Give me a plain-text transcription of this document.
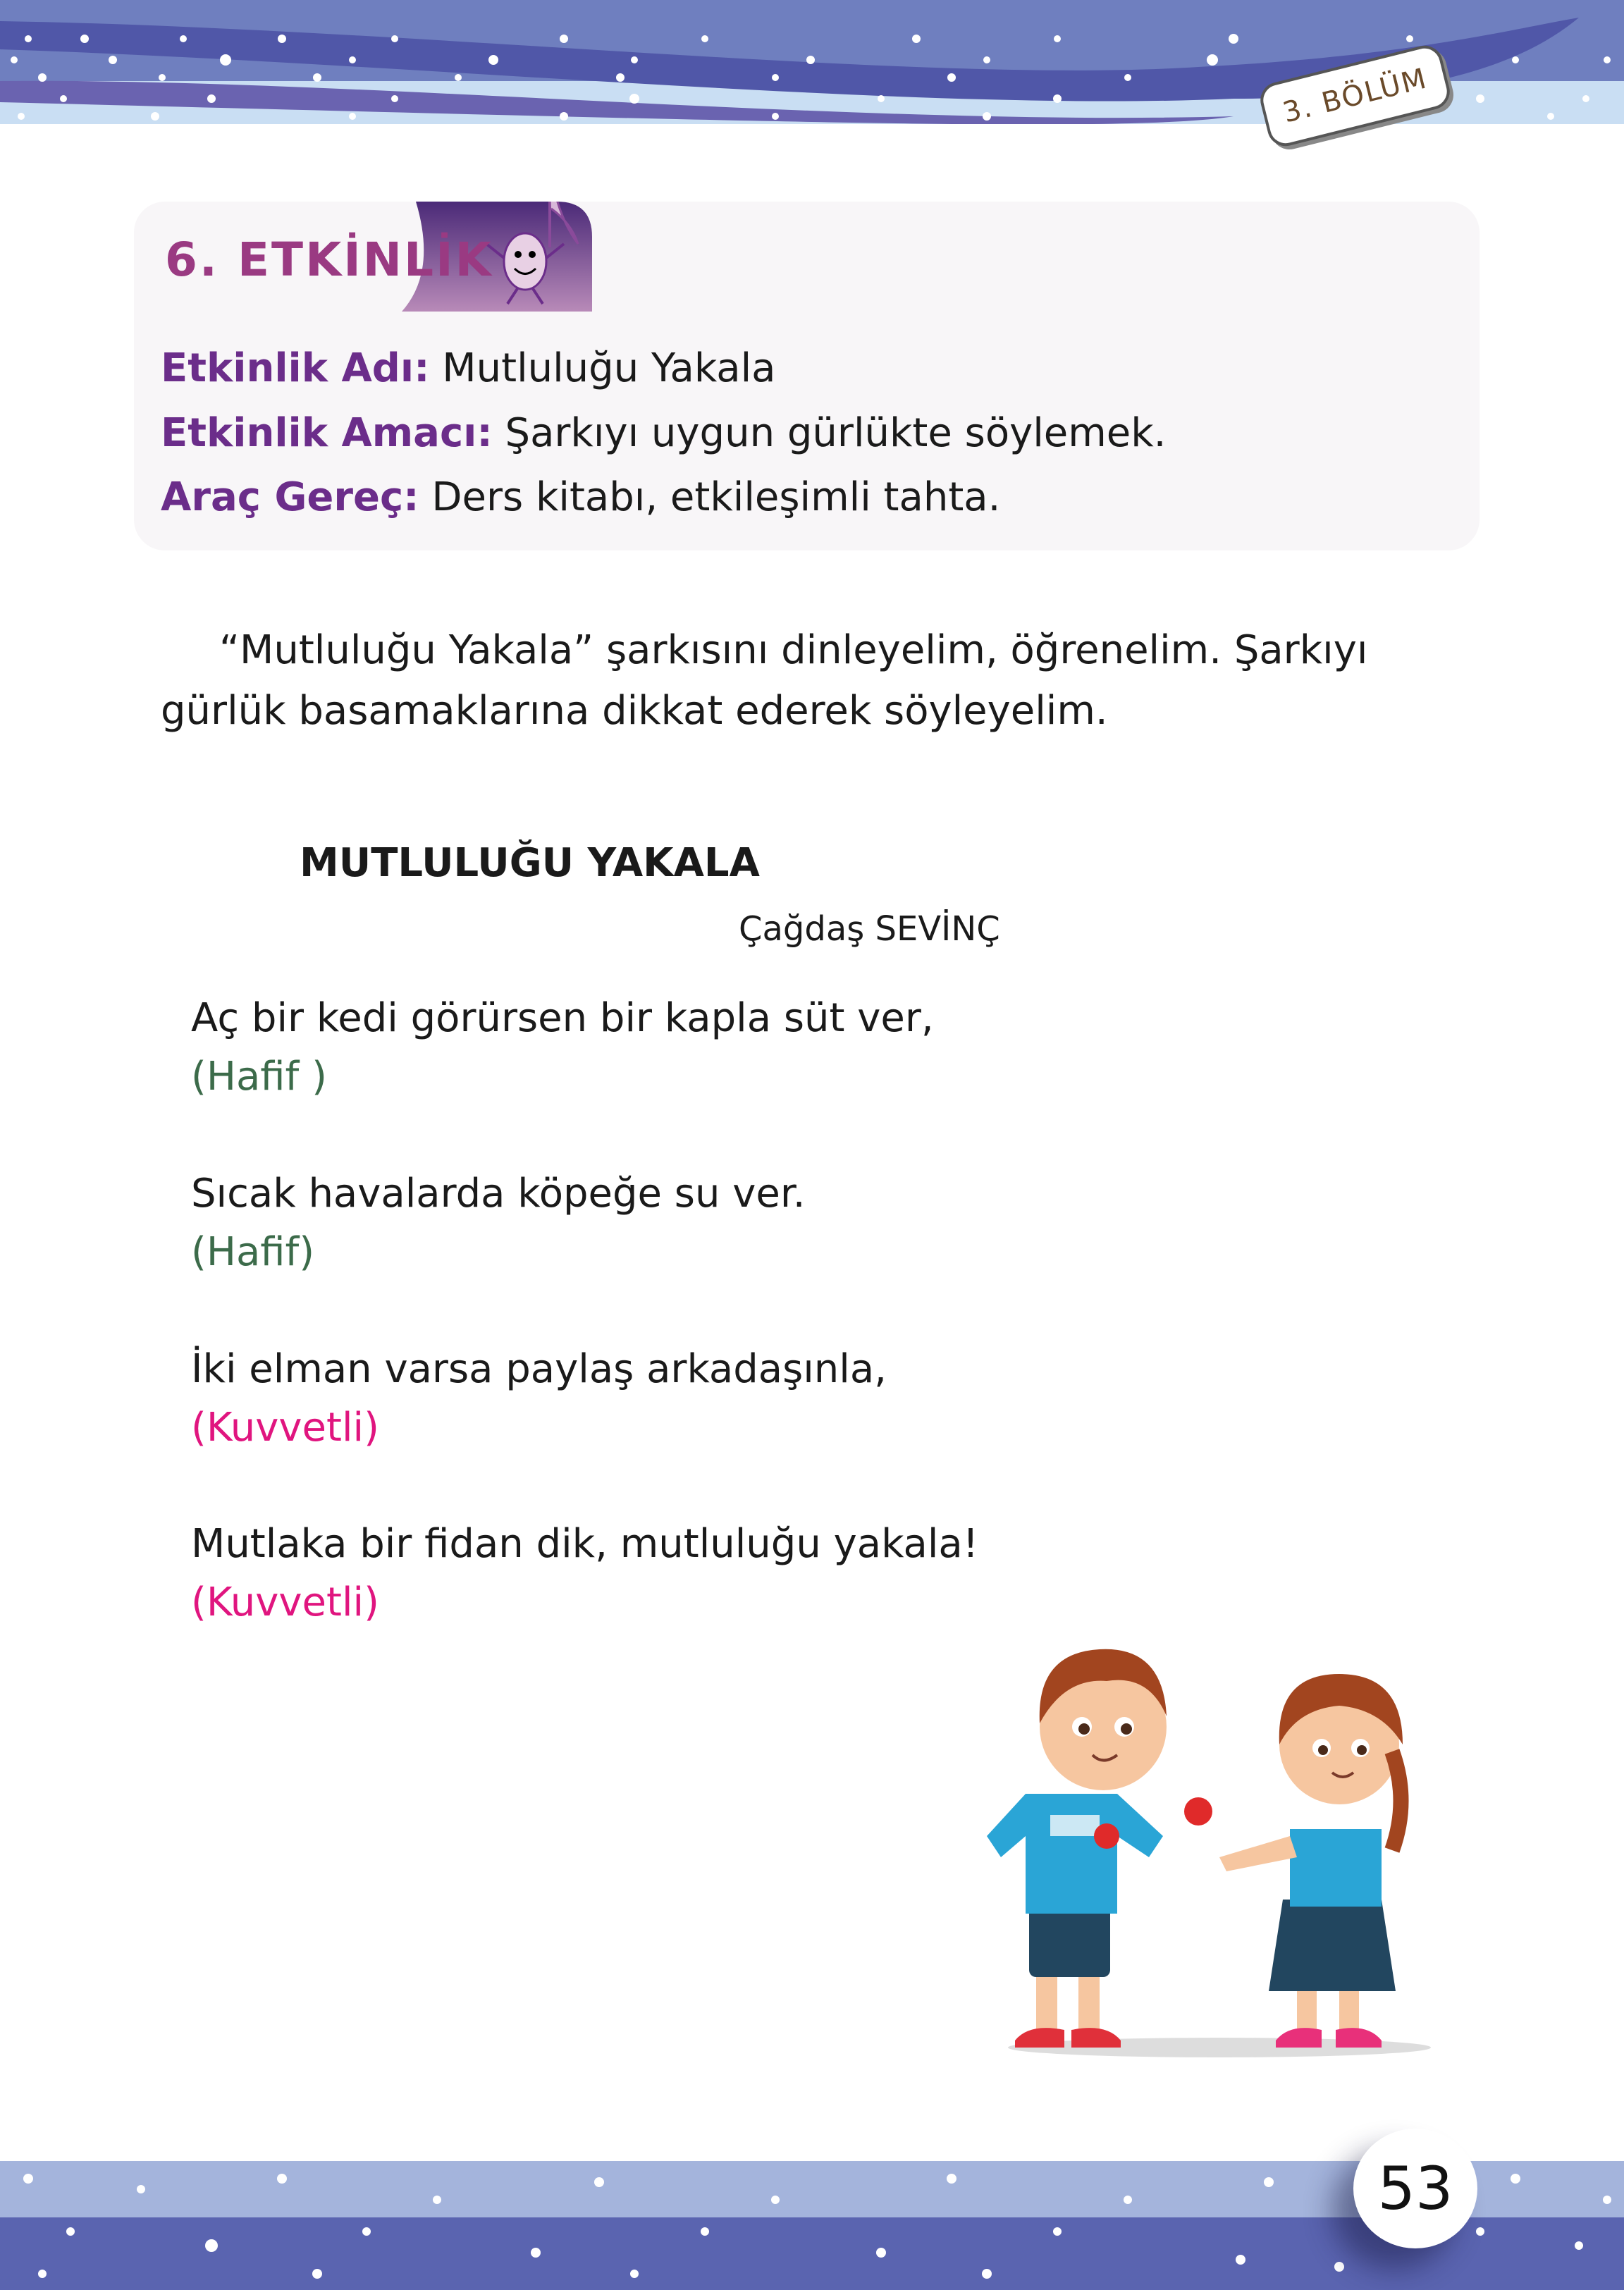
3. BÖLÜM
6. ETKİNLİK
Etkinlik Adı: Mutluluğu Yakala
Etkinlik Amacı: Şarkıyı uygun gürlükte söylemek.
Araç Gereç: Ders kitabı, etkileşimli tahta.

“Mutluluğu Yakala” şarkısını dinleyelim, öğrenelim. Şarkıyı gürlük basamaklarına dikkat ederek söyleyelim.

MUTLULUĞU YAKALA
Çağdaş SEVİNÇ
Aç bir kedi görürsen bir kapla süt ver,
(Hafif )
Sıcak havalarda köpeğe su ver.
(Hafif)
İki elman varsa paylaş arkadaşınla,
(Kuvvetli)
Mutlaka bir fidan dik, mutluluğu yakala!
(Kuvvetli)
53
